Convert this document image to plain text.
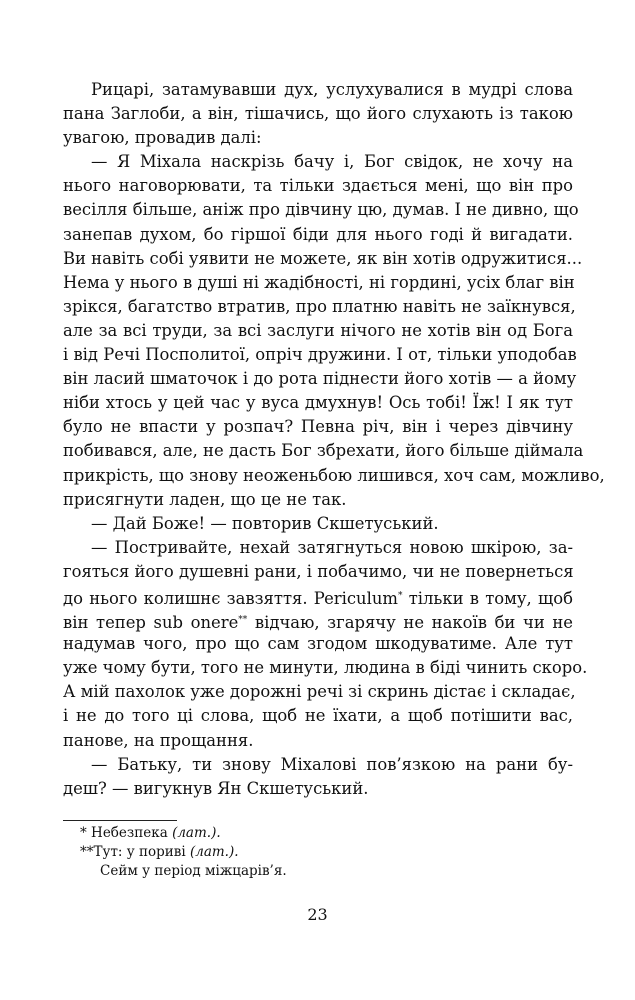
Рицарі, затамувавши дух, услухувалися в мудрі слова
пана Заглоби, а він, тішачись, що його слухають із такою
увагою, провадив далі:
— Я Міхала наскрізь бачу і, Бог свідок, не хочу на
нього наговорювати, та тільки здається мені, що він про
весілля більше, аніж про дівчину цю, думав. І не дивно, що
занепав духом, бо гіршої біди для нього годі й вигадати.
Ви навіть собі уявити не можете, як він хотів одружитися...
Нема у нього в душі ні жадібності, ні гордині, усіх благ він
зрікся, багатство втратив, про платню навіть не заїкнувся,
але за всі труди, за всі заслуги нічого не хотів він од Бога
і від Речі Посполитої, опріч дружини. І от, тільки уподобав
він ласий шматочок і до рота піднести його хотів — а йому
ніби хтось у цей час у вуса дмухнув! Ось тобі! Їж! І як тут
було не впасти у розпач? Певна річ, він і через дівчину
побивався, але, не дасть Бог збрехати, його більше діймала
прикрість, що знову неоженьбою лишився, хоч сам, можливо,
присягнути ладен, що це не так.
— Дай Боже! — повторив Скшетуський.
— Постривайте, нехай затягнуться новою шкірою, за-
гояться його душевні рани, і побачимо, чи не повернеться
до нього колишнє завзяття. Periculum* тільки в тому, щоб
він тепер sub onere** відчаю, згарячу не накоїв би чи не
надумав чого, про що сам згодом шкодуватиме. Але тут
уже чому бути, того не минути, людина в біді чинить скоро.
А мій пахолок уже дорожні речі зі скринь дістає і складає,
і не до того ці слова, щоб не їхати, а щоб потішити вас,
панове, на прощання.
— Батьку, ти знову Міхалові пов’язкою на рани бу-
деш? — вигукнув Ян Скшетуський.
* Небезпека (лат.).
**Тут: у пориві (лат.).
Сейм у період міжцарів’я.
23
